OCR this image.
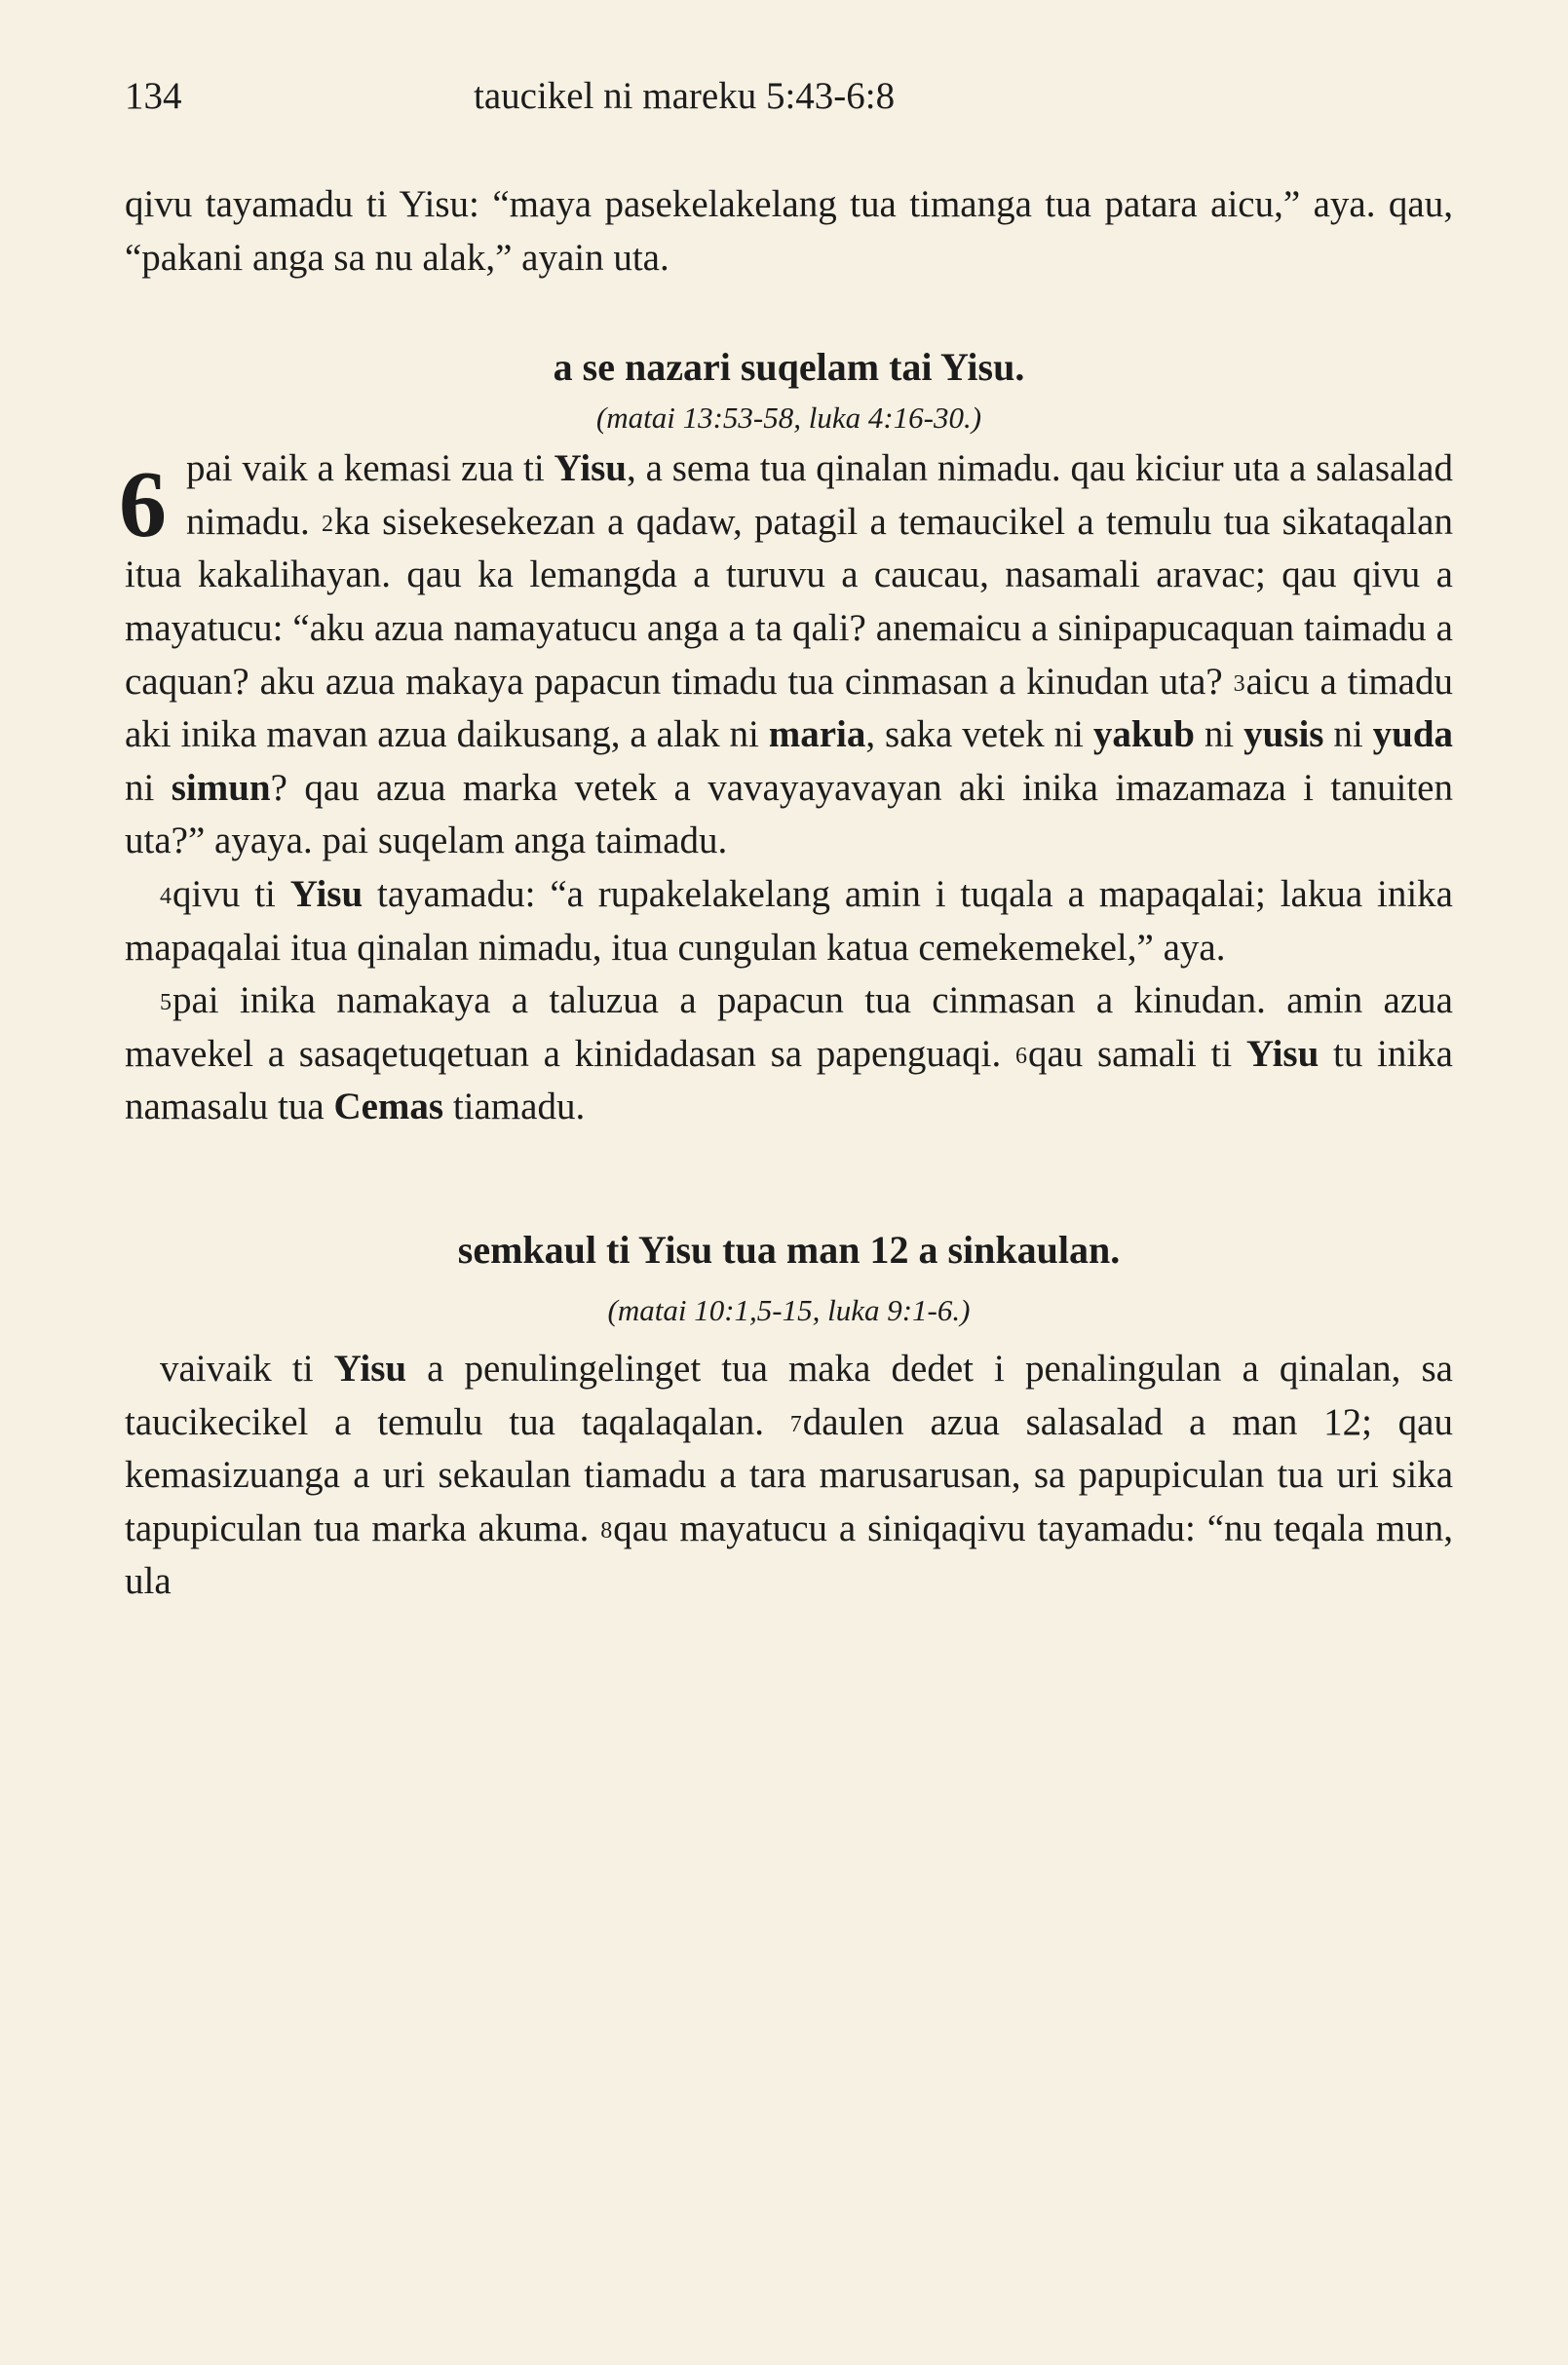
134	taucikel ni mareku 5:43-6:8

qivu tayamadu ti Yisu: “maya pasekelakelang tua timanga tua patara aicu,” aya. qau, “pakani anga sa nu alak,” ayain uta.

a se nazari suqelam tai Yisu.
(matai 13:53-58, luka 4:16-30.)

6 pai vaik a kemasi zua ti Yisu, a sema tua qinalan nimadu. qau kiciur uta a salasalad nimadu. $^2$ka sisekesekezan a qadaw, patagil a temaucikel a temulu tua sikataqalan itua kakalihayan. qau ka lemangda a turuvu a caucau, nasamali aravac; qau qivu a mayatucu: “aku azua namayatucu anga a ta qali? anemaicu a sinipapucaquan taimadu a caquan? aku azua makaya papacun timadu tua cinmasan a kinudan uta? $^3$aicu a timadu aki inika mavan azua daikusang, a alak ni maria, saka vetek ni yakub ni yusis ni yuda ni simun? qau azua marka vetek a vavayayavayan aki inika imazamaza i tanuiten uta?” ayaya. pai suqelam anga taimadu.

$^4$qivu ti Yisu tayamadu: “a rupakelakelang amin i tuqala a mapaqalai; lakua inika mapaqalai itua qinalan nimadu, itua cungulan katua cemekemekel,” aya.

$^5$pai inika namakaya a taluzua a papacun tua cinmasan a kinudan. amin azua mavekel a sasaqetuqetuan a kinidadasan sa papenguaqi. $^6$qau samali ti Yisu tu inika namasalu tua Cemas tiamadu.

semkaul ti Yisu tua man 12 a sinkaulan.
(matai 10:1,5-15, luka 9:1-6.)

vaivaik ti Yisu a penulingelinget tua maka dedet i penalingulan a qinalan, sa taucikecikel a temulu tua taqalaqalan. $^7$daulen azua salasalad a man 12; qau kemasizuanga a uri sekaulan tiamadu a tara marusarusan, sa papupiculan tua uri sika tapupiculan tua marka akuma. $^8$qau mayatucu a siniqaqivu tayamadu: “nu teqala mun, ula
